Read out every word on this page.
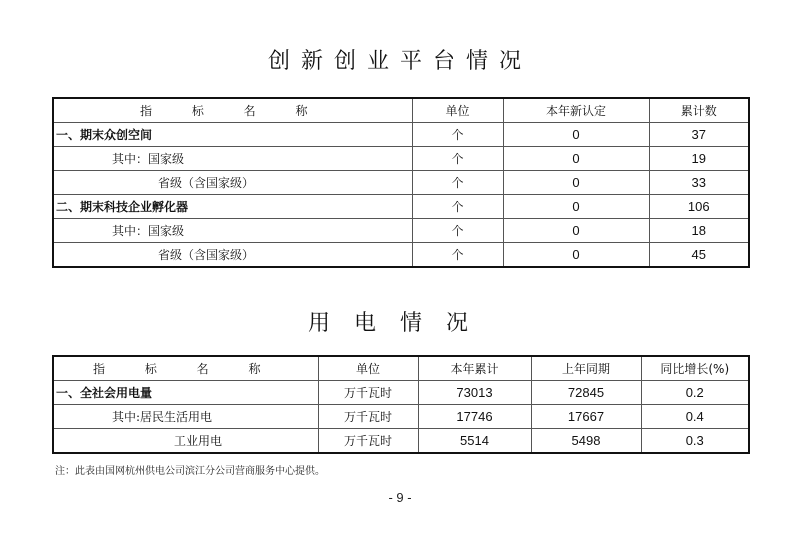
创新创业平台情况
指 标 名 称	单位	本年新认定	累计数
一、期末众创空间	个	0	37
其中：国家级	个	0	19
省级（含国家级）	个	0	33
二、期末科技企业孵化器	个	0	106
其中：国家级	个	0	18
省级（含国家级）	个	0	45
用电情况
指 标 名 称	单位	本年累计	上年同期	同比增长(%)
一、全社会用电量	万千瓦时	73013	72845	0.2
其中:居民生活用电	万千瓦时	17746	17667	0.4
工业用电	万千瓦时	5514	5498	0.3
注：此表由国网杭州供电公司滨江分公司营商服务中心提供。
- 9 -
